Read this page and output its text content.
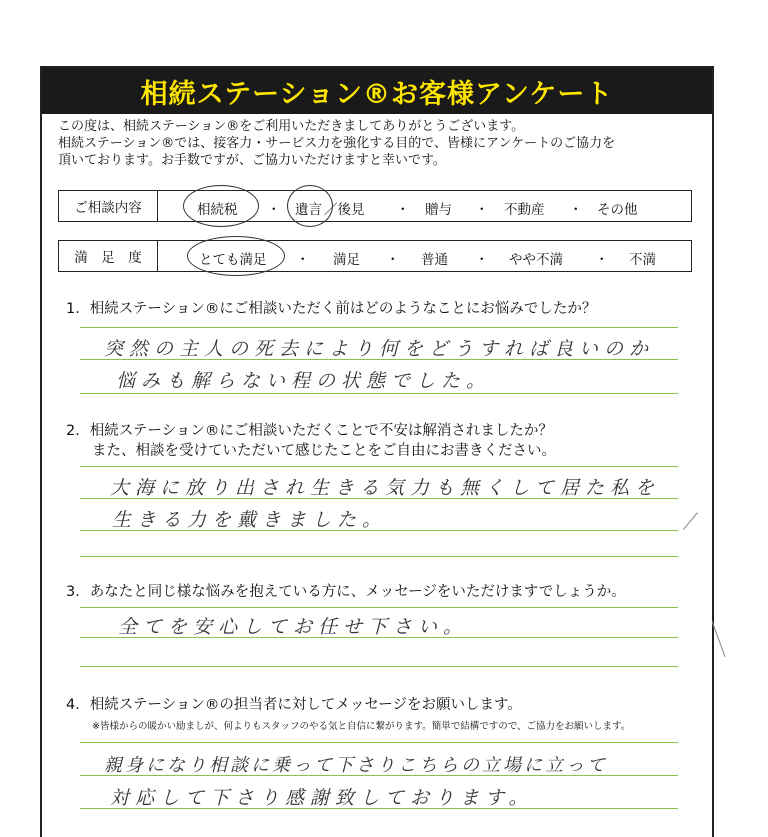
相続ステーション®お客様アンケート
この度は、相続ステーション®をご利用いただきましてありがとうございます。
相続ステーション®では、接客力・サービス力を強化する目的で、皆様にアンケートのご協力を
頂いております。お手数ですが、ご協力いただけますと幸いです。
ご相談内容	相続税 ・ 遺言 ／後見 ・ 贈与 ・ 不動産 ・ その他
満　足　度	とても満足 ・ 満足 ・ 普通 ・ やや不満 ・ 不満
1．相続ステーション®にご相談いただく前はどのようなことにお悩みでしたか？
突然の主人の死去により何をどうすれば良いのか
悩みも解らない程の状態でした。
2．相続ステーション®にご相談いただくことで不安は解消されましたか？
また、相談を受けていただいて感じたことをご自由にお書きください。
大海に放り出され生きる気力も無くして居た私を
生きる力を戴きました。
3．あなたと同じ様な悩みを抱えている方に、メッセージをいただけますでしょうか。
全てを安心してお任せ下さい。
4．相続ステーション®の担当者に対してメッセージをお願いします。
※皆様からの暖かい励ましが、何よりもスタッフのやる気と自信に繋がります。簡単で結構ですので、ご協力をお願いします。
親身になり相談に乗って下さりこちらの立場に立って
対応して下さり感謝致しております。
